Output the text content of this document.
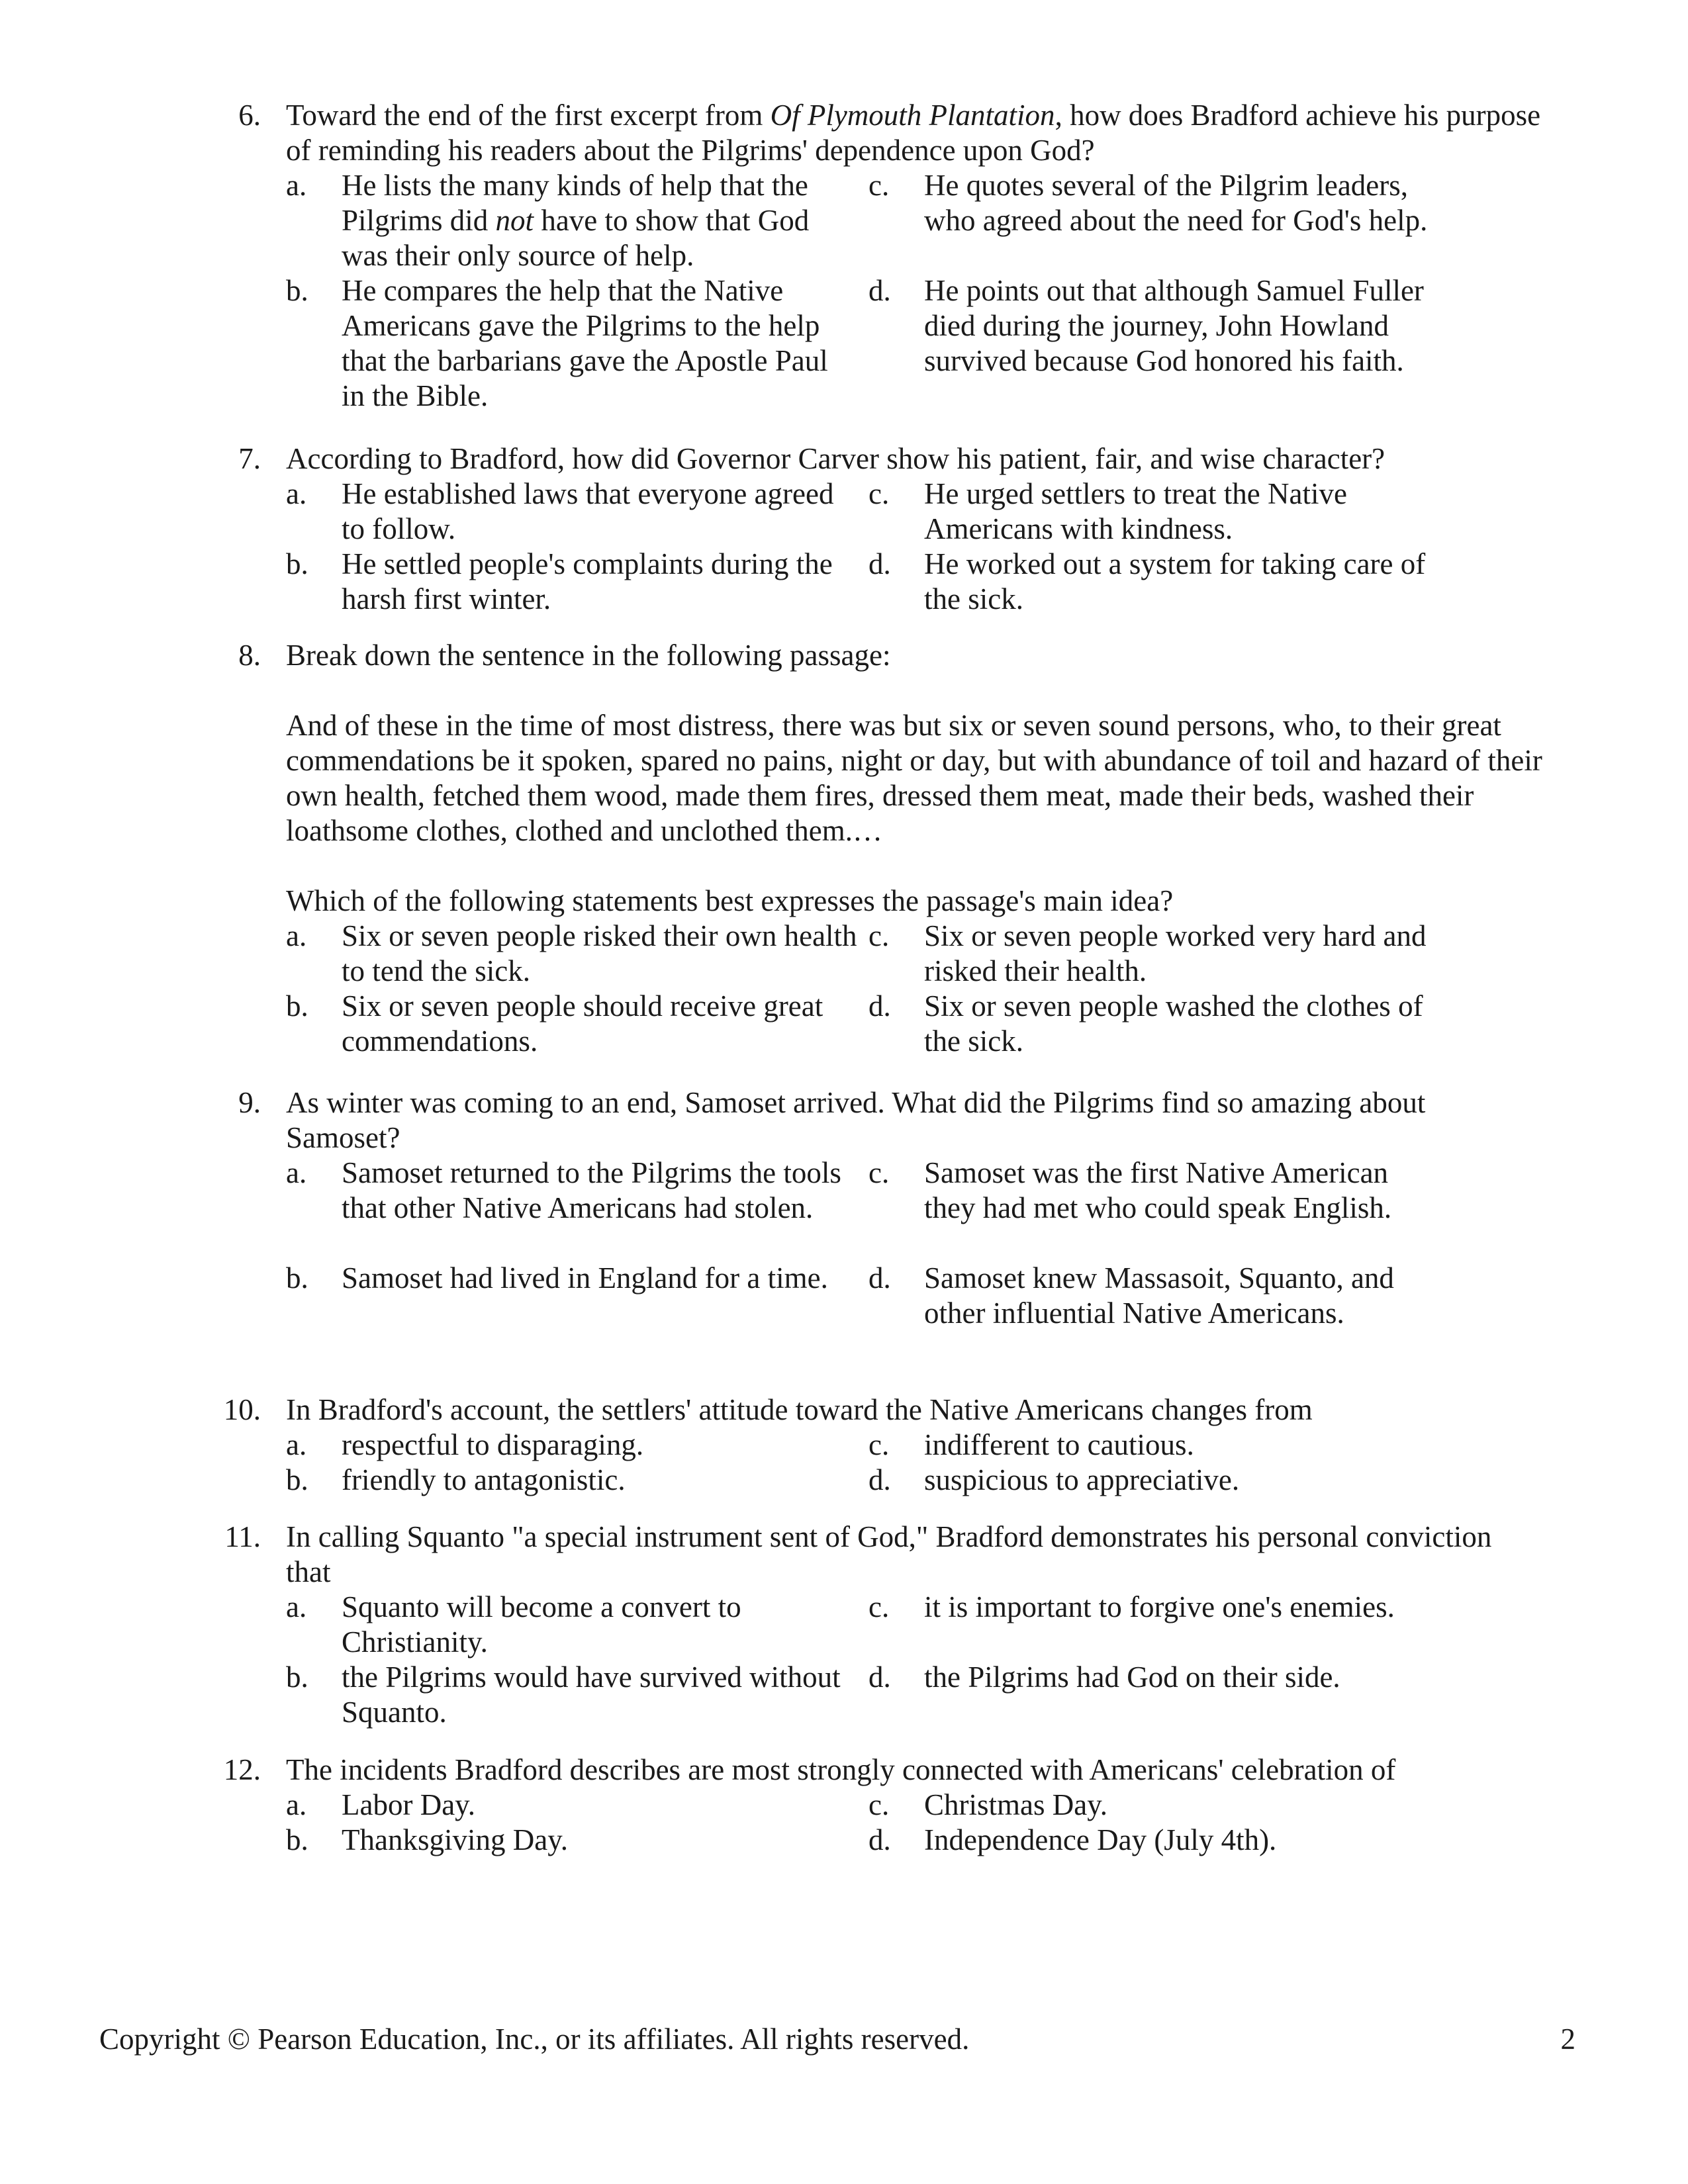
6. Toward the end of the first excerpt from Of Plymouth Plantation, how does Bradford achieve his purpose of reminding his readers about the Pilgrims' dependence upon God?
a.	He lists the many kinds of help that the Pilgrims did not have to show that God was their only source of help.
b.	He compares the help that the Native Americans gave the Pilgrims to the help that the barbarians gave the Apostle Paul in the Bible.
c.	He quotes several of the Pilgrim leaders, who agreed about the need for God's help.
d.	He points out that although Samuel Fuller died during the journey, John Howland survived because God honored his faith.
7. According to Bradford, how did Governor Carver show his patient, fair, and wise character?
a.	He established laws that everyone agreed to follow.
b.	He settled people's complaints during the harsh first winter.
c.	He urged settlers to treat the Native Americans with kindness.
d.	He worked out a system for taking care of the sick.
8. Break down the sentence in the following passage:
And of these in the time of most distress, there was but six or seven sound persons, who, to their great commendations be it spoken, spared no pains, night or day, but with abundance of toil and hazard of their own health, fetched them wood, made them fires, dressed them meat, made their beds, washed their loathsome clothes, clothed and unclothed them.…
Which of the following statements best expresses the passage's main idea?
a.	Six or seven people risked their own health to tend the sick.
b.	Six or seven people should receive great commendations.
c.	Six or seven people worked very hard and risked their health.
d.	Six or seven people washed the clothes of the sick.
9. As winter was coming to an end, Samoset arrived. What did the Pilgrims find so amazing about Samoset?
a.	Samoset returned to the Pilgrims the tools that other Native Americans had stolen.
b.	Samoset had lived in England for a time.
c.	Samoset was the first Native American they had met who could speak English.
d.	Samoset knew Massasoit, Squanto, and other influential Native Americans.
10. In Bradford's account, the settlers' attitude toward the Native Americans changes from
a.	respectful to disparaging.
b.	friendly to antagonistic.
c.	indifferent to cautious.
d.	suspicious to appreciative.
11. In calling Squanto "a special instrument sent of God," Bradford demonstrates his personal conviction that
a.	Squanto will become a convert to Christianity.
b.	the Pilgrims would have survived without Squanto.
c.	it is important to forgive one's enemies.
d.	the Pilgrims had God on their side.
12. The incidents Bradford describes are most strongly connected with Americans' celebration of
a.	Labor Day.
b.	Thanksgiving Day.
c.	Christmas Day.
d.	Independence Day (July 4th).
Copyright © Pearson Education, Inc., or its affiliates. All rights reserved.	2
